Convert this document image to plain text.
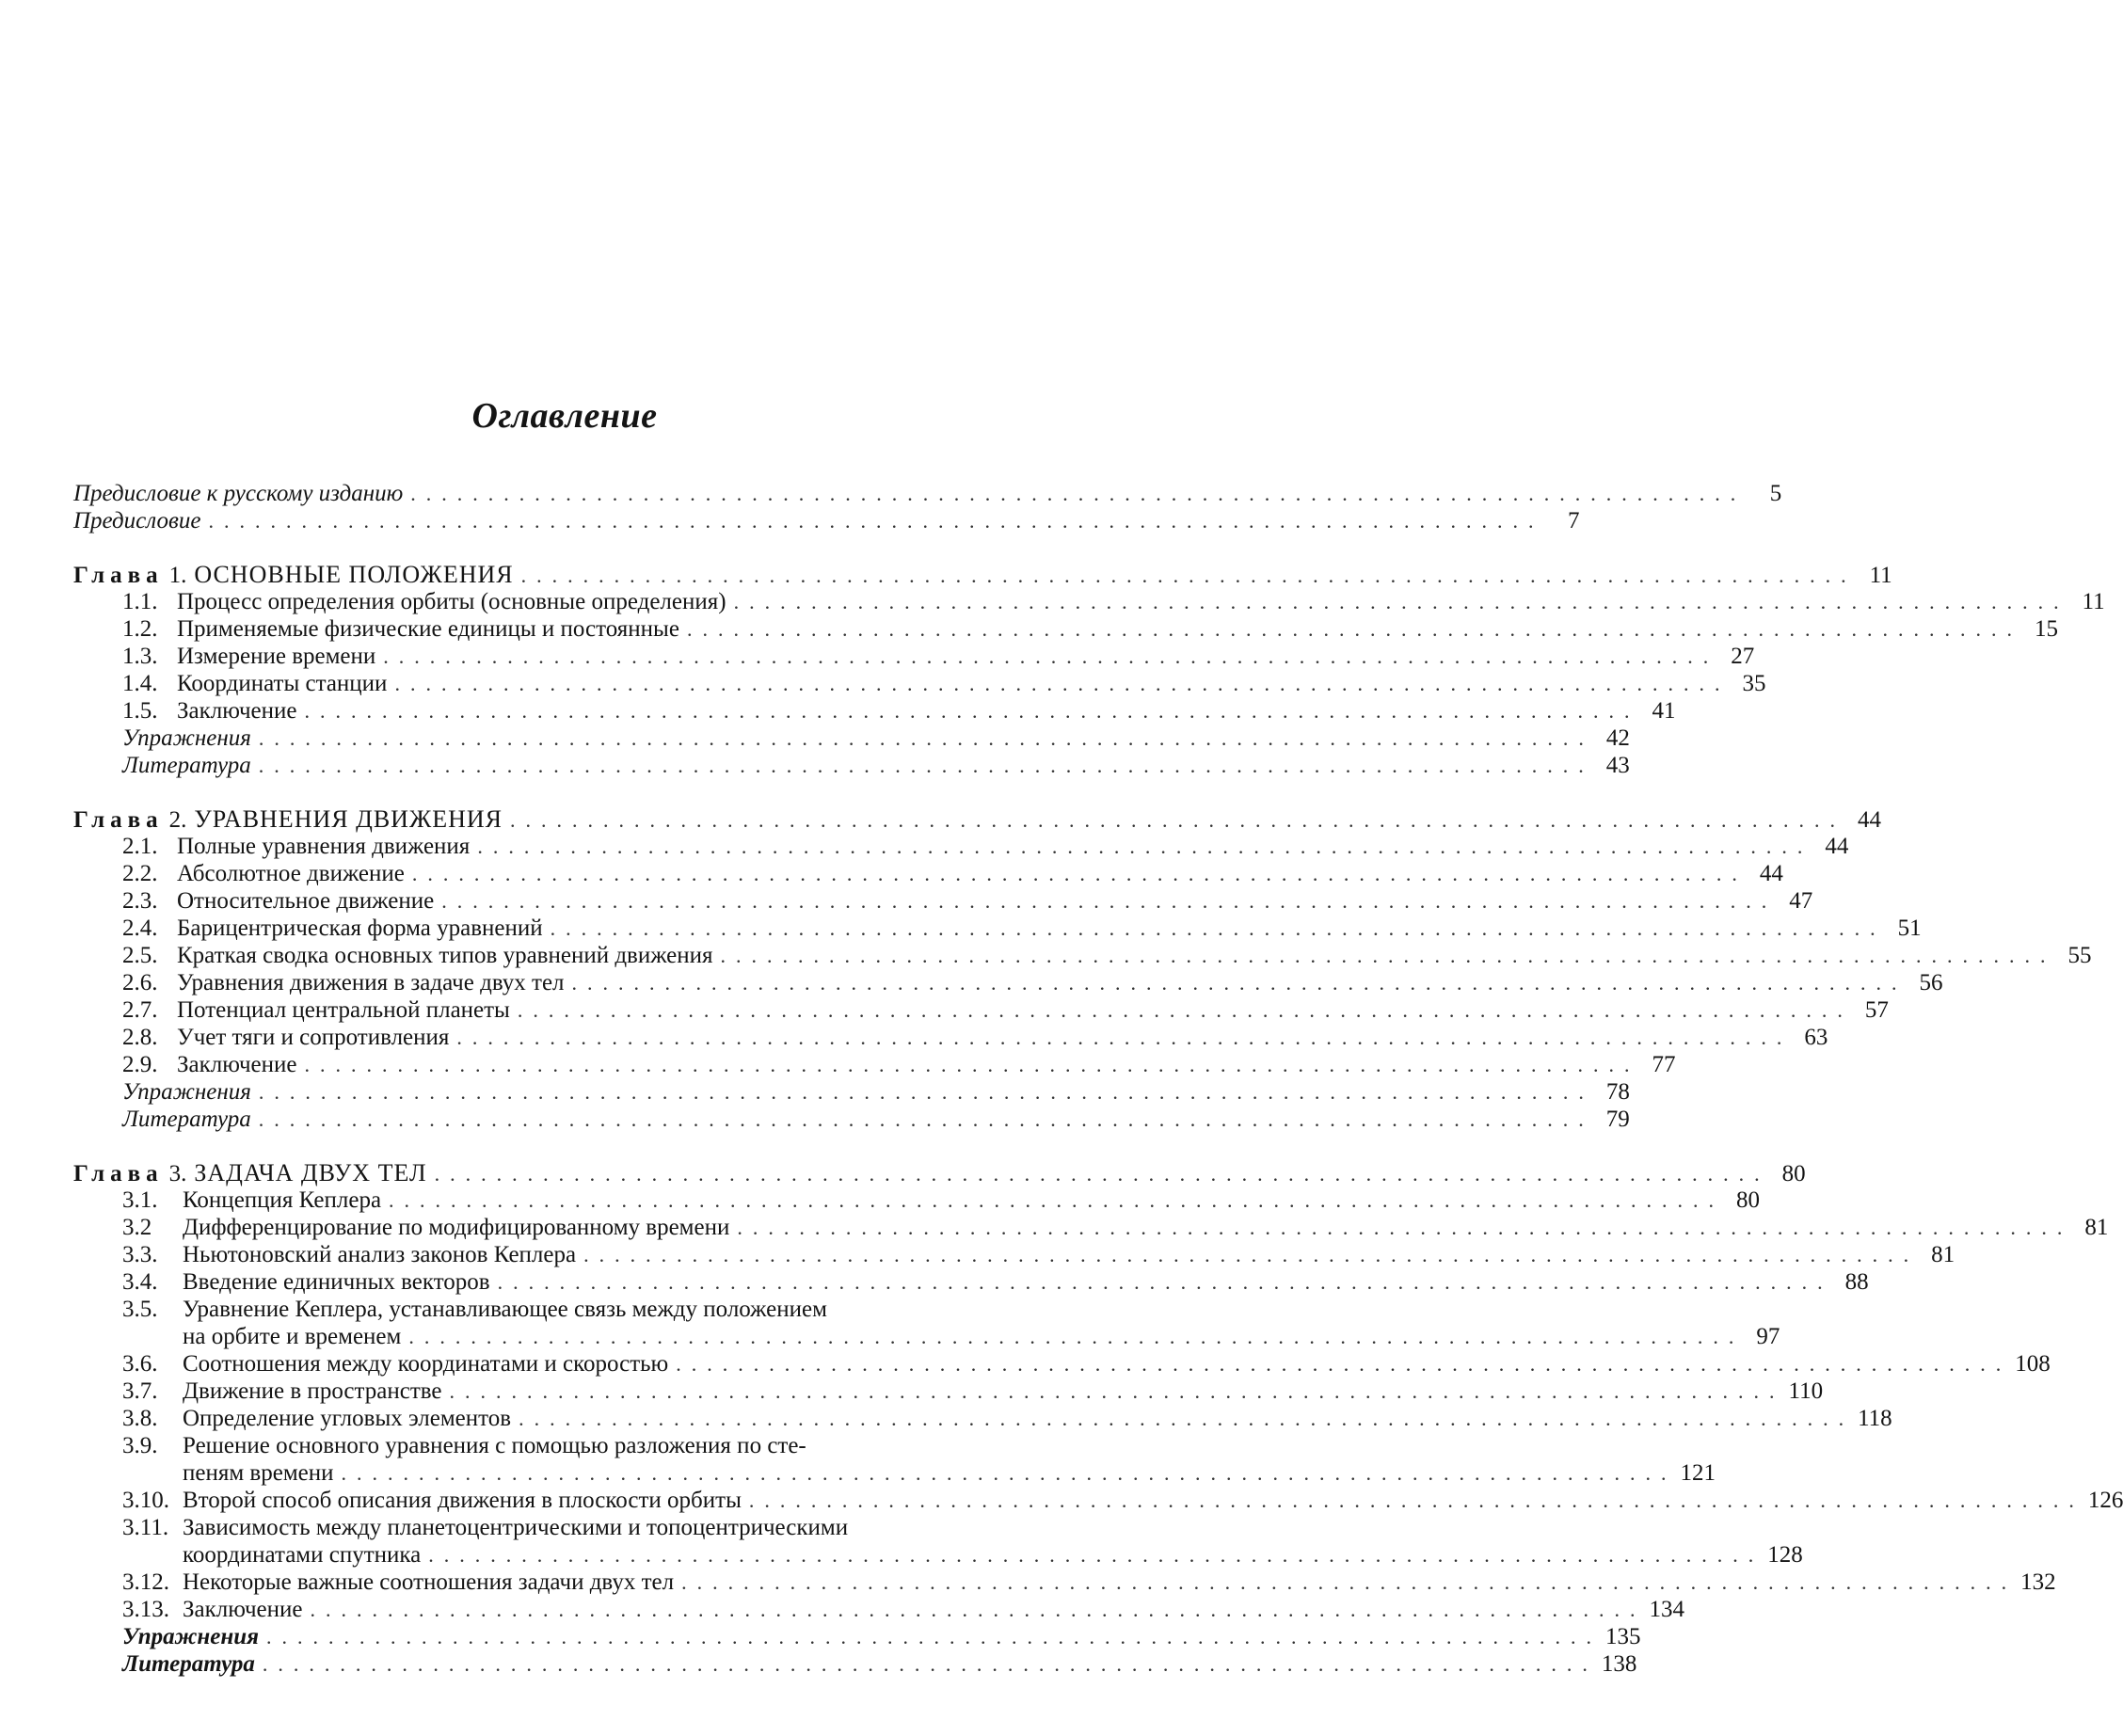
Оглавление
Предисловие к русскому изданию ......................................................................................	5
Предисловие ......................................................................................	7
Глава 1. ОСНОВНЫЕ ПОЛОЖЕНИЯ ...................................................................................... 11
1.1. Процесс определения орбиты (основные определения) ...................................................................................... 11
1.2. Применяемые физические единицы и постоянные ...................................................................................... 15
1.3. Измерение времени ...................................................................................... 27
1.4. Координаты станции ...................................................................................... 35
1.5. Заключение ...................................................................................... 41
Упражнения ...................................................................................... 42
Литература ...................................................................................... 43
Глава 2. УРАВНЕНИЯ ДВИЖЕНИЯ ...................................................................................... 44
2.1. Полные уравнения движения ...................................................................................... 44
2.2. Абсолютное движение ...................................................................................... 44
2.3. Относительное движение ...................................................................................... 47
2.4. Барицентрическая форма уравнений ...................................................................................... 51
2.5. Краткая сводка основных типов уравнений движения ...................................................................................... 55
2.6. Уравнения движения в задаче двух тел ...................................................................................... 56
2.7. Потенциал центральной планеты ...................................................................................... 57
2.8. Учет тяги и сопротивления ...................................................................................... 63
2.9. Заключение ...................................................................................... 77
Упражнения ...................................................................................... 78
Литература ...................................................................................... 79
Глава 3. ЗАДАЧА ДВУХ ТЕЛ ...................................................................................... 80
3.1.	Концепция Кеплера ...................................................................................... 80
3.2	Дифференцирование по модифицированному времени ...................................................................................... 81
3.3.	Ньютоновский анализ законов Кеплера ...................................................................................... 81
3.4.	Введение единичных векторов ...................................................................................... 88
3.5.	Уравнение Кеплера, устанавливающее связь между положением
на орбите и временем ...................................................................................... 97
3.6.	Соотношения между координатами и скоростью ...................................................................................... 108
3.7.	Движение в пространстве ...................................................................................... 110
3.8.	Определение угловых элементов ...................................................................................... 118
3.9.	Решение основного уравнения с помощью разложения по сте-
пеням времени ...................................................................................... 121
3.10. Второй способ описания движения в плоскости орбиты ...................................................................................... 126
3.11. Зависимость между планетоцентрическими и топоцентрическими
координатами спутника ...................................................................................... 128
3.12. Некоторые важные соотношения задачи двух тел ...................................................................................... 132
3.13. Заключение ...................................................................................... 134
Упражнения ...................................................................................... 135
Литература ...................................................................................... 138
